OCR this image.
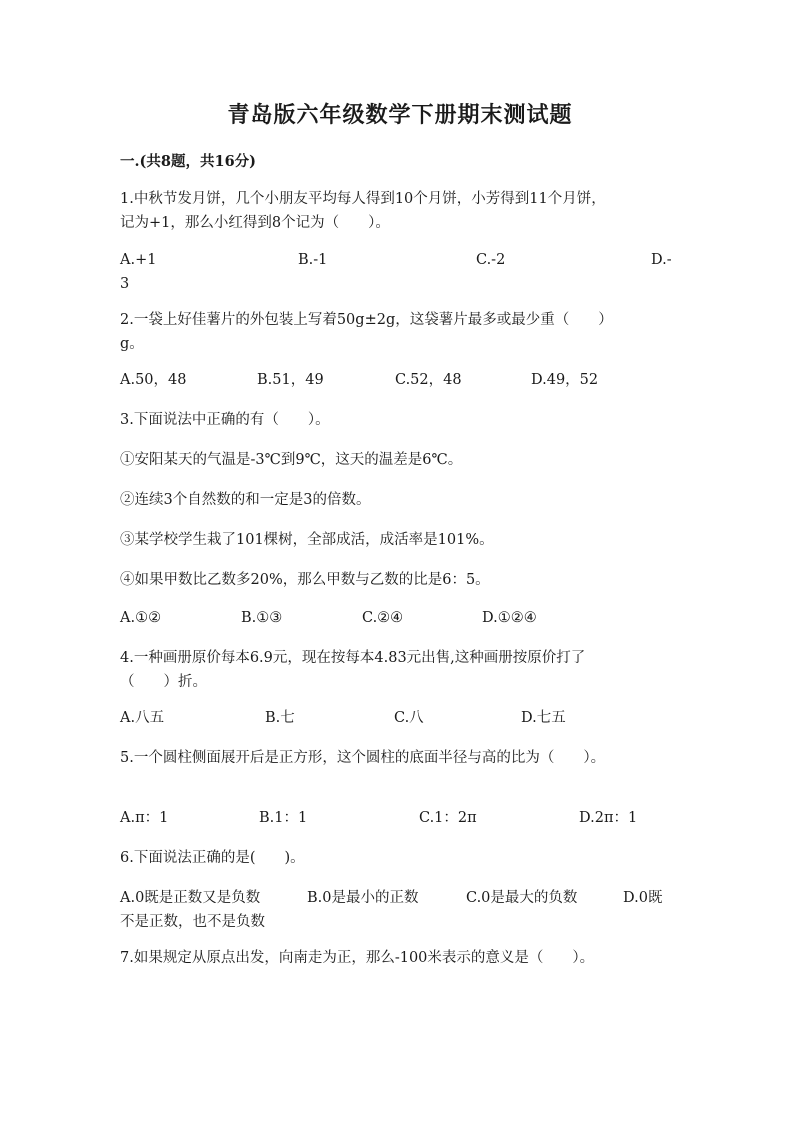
青岛版六年级数学下册期末测试题
一.(共8题，共16分)
1.中秋节发月饼，几个小朋友平均每人得到10个月饼，小芳得到11个月饼，
记为+1，那么小红得到8个记为（　　）。
A.+1	B.-1	C.-2	D.-
3
2.一袋上好佳薯片的外包装上写着50g±2g，这袋薯片最多或最少重（　　）
g。
A.50，48	B.51，49	C.52，48	D.49，52
3.下面说法中正确的有（　　）。
①安阳某天的气温是-3℃到9℃，这天的温差是6℃。
②连续3个自然数的和一定是3的倍数。
③某学校学生栽了101棵树，全部成活，成活率是101%。
④如果甲数比乙数多20%，那么甲数与乙数的比是6：5。
A.①②	B.①③	C.②④	D.①②④
4.一种画册原价每本6.9元，现在按每本4.83元出售,这种画册按原价打了
（　　）折。
A.八五	B.七	C.八	D.七五
5.一个圆柱侧面展开后是正方形，这个圆柱的底面半径与高的比为（　　）。
A.π：1	B.1：1	C.1：2π	D.2π：1
6.下面说法正确的是(　　)。
A.0既是正数又是负数	B.0是最小的正数	C.0是最大的负数	D.0既
不是正数，也不是负数
7.如果规定从原点出发，向南走为正，那么-100米表示的意义是（　　）。
